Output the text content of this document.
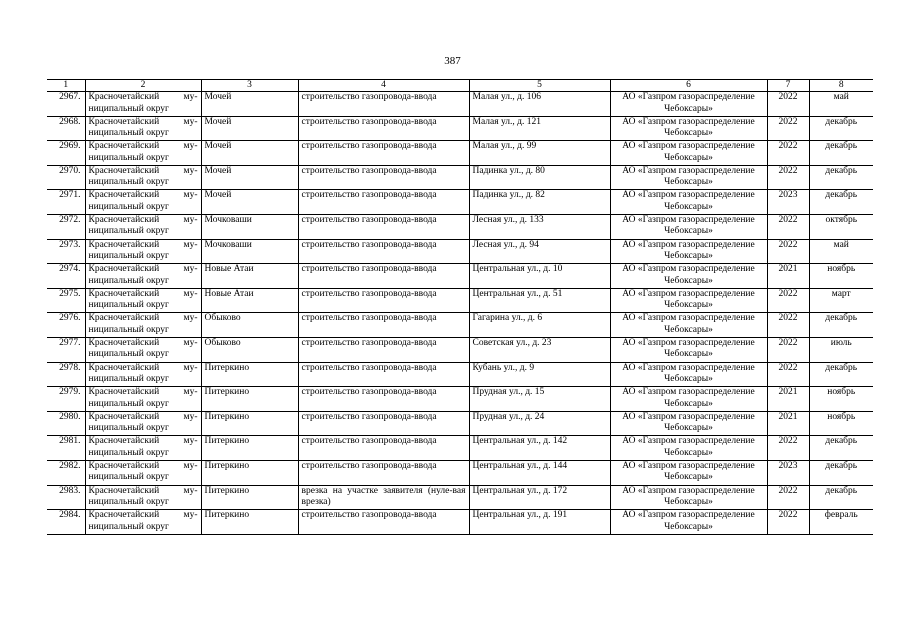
387
1	2	3	4	5	6	7	8
2967.	Красночетайский му-ниципальный округ	Мочей	строительство газопровода-ввода	Малая ул., д. 106	АО «Газпром газораспределение Чебоксары»	2022	май
2968.	Красночетайский му-ниципальный округ	Мочей	строительство газопровода-ввода	Малая ул., д. 121	АО «Газпром газораспределение Чебоксары»	2022	декабрь
2969.	Красночетайский му-ниципальный округ	Мочей	строительство газопровода-ввода	Малая ул., д. 99	АО «Газпром газораспределение Чебоксары»	2022	декабрь
2970.	Красночетайский му-ниципальный округ	Мочей	строительство газопровода-ввода	Падинка ул., д. 80	АО «Газпром газораспределение Чебоксары»	2022	декабрь
2971.	Красночетайский му-ниципальный округ	Мочей	строительство газопровода-ввода	Падинка ул., д. 82	АО «Газпром газораспределение Чебоксары»	2023	декабрь
2972.	Красночетайский му-ниципальный округ	Мочковаши	строительство газопровода-ввода	Лесная ул., д. 133	АО «Газпром газораспределение Чебоксары»	2022	октябрь
2973.	Красночетайский му-ниципальный округ	Мочковаши	строительство газопровода-ввода	Лесная ул., д. 94	АО «Газпром газораспределение Чебоксары»	2022	май
2974.	Красночетайский му-ниципальный округ	Новые Атаи	строительство газопровода-ввода	Центральная ул., д. 10	АО «Газпром газораспределение Чебоксары»	2021	ноябрь
2975.	Красночетайский му-ниципальный округ	Новые Атаи	строительство газопровода-ввода	Центральная ул., д. 51	АО «Газпром газораспределение Чебоксары»	2022	март
2976.	Красночетайский му-ниципальный округ	Обыково	строительство газопровода-ввода	Гагарина ул., д. 6	АО «Газпром газораспределение Чебоксары»	2022	декабрь
2977.	Красночетайский му-ниципальный округ	Обыково	строительство газопровода-ввода	Советская ул., д. 23	АО «Газпром газораспределение Чебоксары»	2022	июль
2978.	Красночетайский му-ниципальный округ	Питеркино	строительство газопровода-ввода	Кубань ул., д. 9	АО «Газпром газораспределение Чебоксары»	2022	декабрь
2979.	Красночетайский му-ниципальный округ	Питеркино	строительство газопровода-ввода	Прудная ул., д. 15	АО «Газпром газораспределение Чебоксары»	2021	ноябрь
2980.	Красночетайский му-ниципальный округ	Питеркино	строительство газопровода-ввода	Прудная ул., д. 24	АО «Газпром газораспределение Чебоксары»	2021	ноябрь
2981.	Красночетайский му-ниципальный округ	Питеркино	строительство газопровода-ввода	Центральная ул., д. 142	АО «Газпром газораспределение Чебоксары»	2022	декабрь
2982.	Красночетайский му-ниципальный округ	Питеркино	строительство газопровода-ввода	Центральная ул., д. 144	АО «Газпром газораспределение Чебоксары»	2023	декабрь
2983.	Красночетайский му-ниципальный округ	Питеркино	врезка на участке заявителя (нуле-вая врезка)	Центральная ул., д. 172	АО «Газпром газораспределение Чебоксары»	2022	декабрь
2984.	Красночетайский му-ниципальный округ	Питеркино	строительство газопровода-ввода	Центральная ул., д. 191	АО «Газпром газораспределение Чебоксары»	2022	февраль
